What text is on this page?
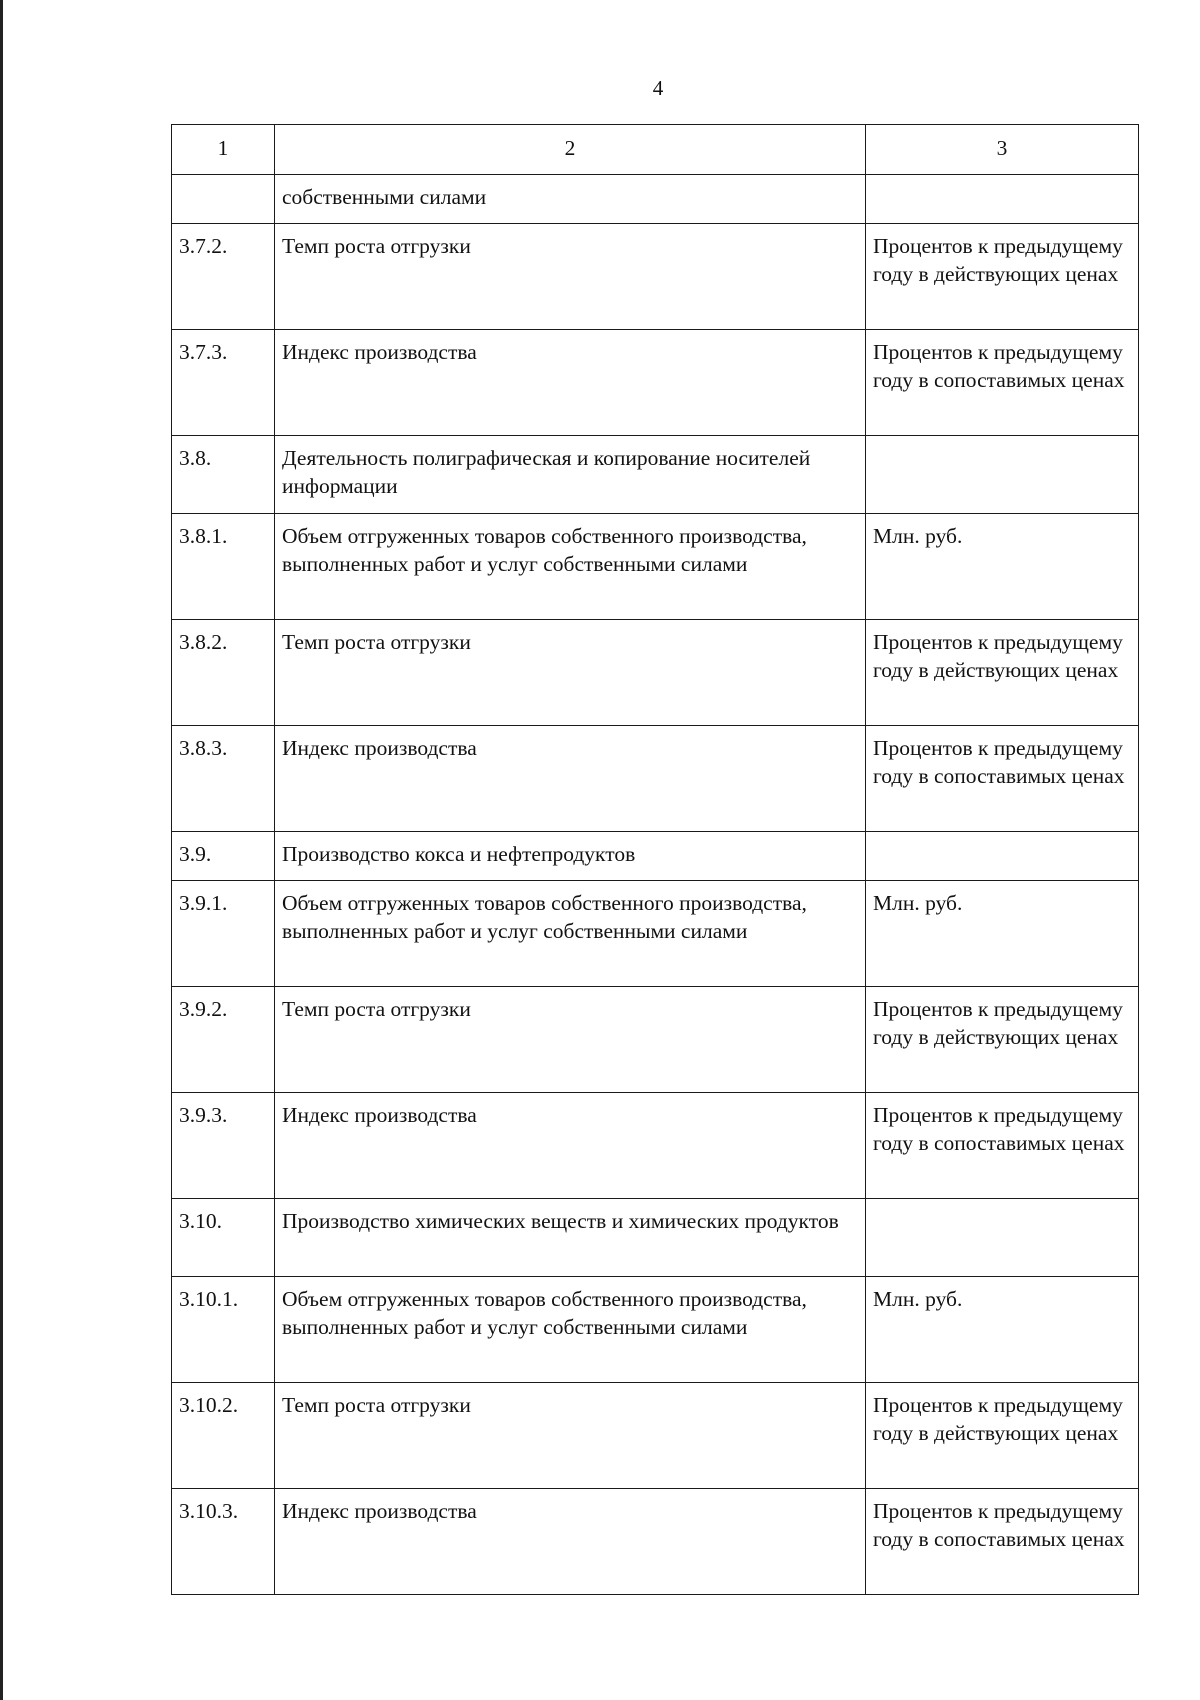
4
1	2	3
	собственными силами	
3.7.2.	Темп роста отгрузки	Процентов к предыдущему году в действующих ценах
3.7.3.	Индекс производства	Процентов к предыдущему году в сопоставимых ценах
3.8.	Деятельность полиграфическая и копирование носителей информации	
3.8.1.	Объем отгруженных товаров собственного производства, выполненных работ и услуг собственными силами	Млн. руб.
3.8.2.	Темп роста отгрузки	Процентов к предыдущему году в действующих ценах
3.8.3.	Индекс производства	Процентов к предыдущему году в сопоставимых ценах
3.9.	Производство кокса и нефтепродуктов	
3.9.1.	Объем отгруженных товаров собственного производства, выполненных работ и услуг собственными силами	Млн. руб.
3.9.2.	Темп роста отгрузки	Процентов к предыдущему году в действующих ценах
3.9.3.	Индекс производства	Процентов к предыдущему году в сопоставимых ценах
3.10.	Производство химических веществ и химических продуктов	
3.10.1.	Объем отгруженных товаров собственного производства, выполненных работ и услуг собственными силами	Млн. руб.
3.10.2.	Темп роста отгрузки	Процентов к предыдущему году в действующих ценах
3.10.3.	Индекс производства	Процентов к предыдущему году в сопоставимых ценах
